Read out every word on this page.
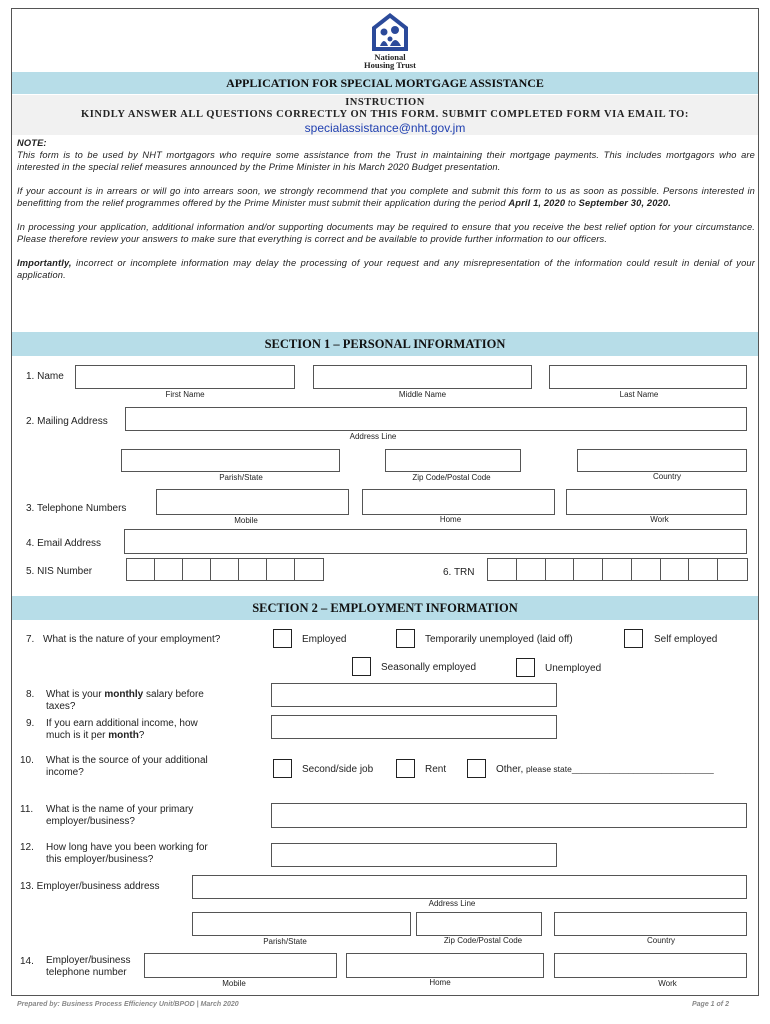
National
Housing Trust
APPLICATION FOR SPECIAL MORTGAGE ASSISTANCE
INSTRUCTION
KINDLY ANSWER ALL QUESTIONS CORRECTLY ON THIS FORM. SUBMIT COMPLETED FORM VIA EMAIL TO:
specialassistance@nht.gov.jm
NOTE:
This form is to be used by NHT mortgagors who require some assistance from the Trust in maintaining their mortgage payments. This includes mortgagors who are interested in the special relief measures announced by the Prime Minister in his March 2020 Budget presentation.
If your account is in arrears or will go into arrears soon, we strongly recommend that you complete and submit this form to us as soon as possible. Persons interested in benefitting from the relief programmes offered by the Prime Minister must submit their application during the period April 1, 2020 to September 30, 2020.
In processing your application, additional information and/or supporting documents may be required to ensure that you receive the best relief option for your circumstance. Please therefore review your answers to make sure that everything is correct and be available to provide further information to our officers.
Importantly, incorrect or incomplete information may delay the processing of your request and any misrepresentation of the information could result in denial of your application.
SECTION 1 – PERSONAL INFORMATION
1. Name
First Name	Middle Name	Last Name
2. Mailing Address
Address Line
Parish/State	Zip Code/Postal Code	Country
3. Telephone Numbers
Mobile	Home	Work
4. Email Address
5. NIS Number	6. TRN
SECTION 2 – EMPLOYMENT INFORMATION
7. What is the nature of your employment?	Employed	Temporarily unemployed (laid off)	Self employed
Seasonally employed	Unemployed
8. What is your monthly salary before
taxes?
9. If you earn additional income, how
much is it per month?
10. What is the source of your additional
income?	Second/side job	Rent	Other, please state______________________________
11. What is the name of your primary
employer/business?
12. How long have you been working for
this employer/business?
13. Employer/business address
Address Line
Parish/State	Zip Code/Postal Code	Country
14. Employer/business
telephone number
Mobile	Home	Work
Prepared by: Business Process Efficiency Unit/BPOD | March 2020	Page 1 of 2
